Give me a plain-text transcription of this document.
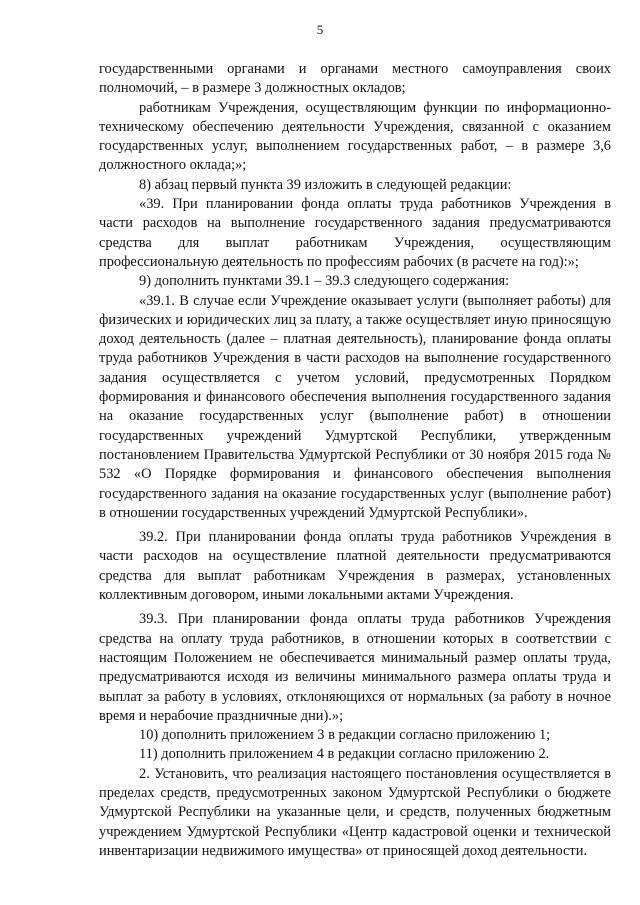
5

государственными органами и органами местного самоуправления своих полномочий, – в размере 3 должностных окладов;

работникам Учреждения, осуществляющим функции по информационно-техническому обеспечению деятельности Учреждения, связанной с оказанием государственных услуг, выполнением государственных работ, – в размере 3,6 должностного оклада;»;

8) абзац первый пункта 39 изложить в следующей редакции:

«39. При планировании фонда оплаты труда работников Учреждения в части расходов на выполнение государственного задания предусматриваются средства для выплат работникам Учреждения, осуществляющим профессиональную деятельность по профессиям рабочих (в расчете на год):»;

9) дополнить пунктами 39.1 – 39.3 следующего содержания:

«39.1. В случае если Учреждение оказывает услуги (выполняет работы) для физических и юридических лиц за плату, а также осуществляет иную приносящую доход деятельность (далее – платная деятельность), планирование фонда оплаты труда работников Учреждения в части расходов на выполнение государственного задания осуществляется с учетом условий, предусмотренных Порядком формирования и финансового обеспечения выполнения государственного задания на оказание государственных услуг (выполнение работ) в отношении государственных учреждений Удмуртской Республики, утвержденным постановлением Правительства Удмуртской Республики от 30 ноября 2015 года № 532 «О Порядке формирования и финансового обеспечения выполнения государственного задания на оказание государственных услуг (выполнение работ) в отношении государственных учреждений Удмуртской Республики».

39.2. При планировании фонда оплаты труда работников Учреждения в части расходов на осуществление платной деятельности предусматриваются средства для выплат работникам Учреждения в размерах, установленных коллективным договором, иными локальными актами Учреждения.

39.3. При планировании фонда оплаты труда работников Учреждения средства на оплату труда работников, в отношении которых в соответствии с настоящим Положением не обеспечивается минимальный размер оплаты труда, предусматриваются исходя из величины минимального размера оплаты труда и выплат за работу в условиях, отклоняющихся от нормальных (за работу в ночное время и нерабочие праздничные дни).»;

10) дополнить приложением 3 в редакции согласно приложению 1;

11) дополнить приложением 4 в редакции согласно приложению 2.

2. Установить, что реализация настоящего постановления осуществляется в пределах средств, предусмотренных законом Удмуртской Республики о бюджете Удмуртской Республики на указанные цели, и средств, полученных бюджетным учреждением Удмуртской Республики «Центр кадастровой оценки и технической инвентаризации недвижимого имущества» от приносящей доход деятельности.
